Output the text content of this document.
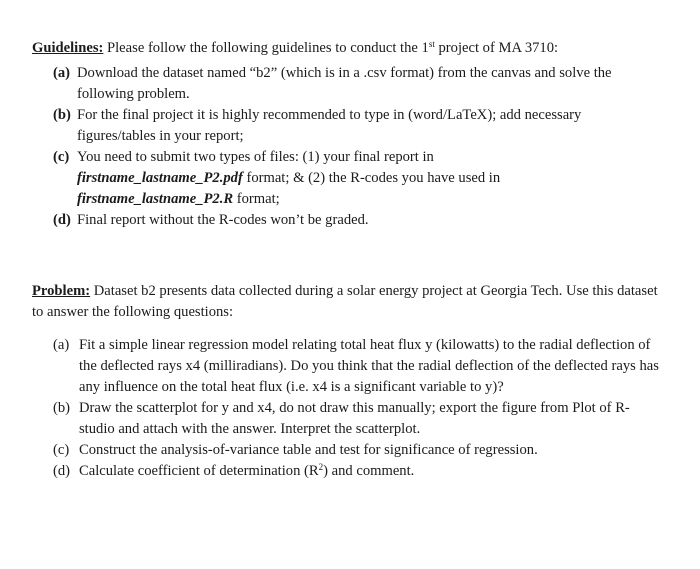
Guidelines: Please follow the following guidelines to conduct the 1st project of MA 3710:

(a) Download the dataset named “b2” (which is in a .csv format) from the canvas and solve the following problem.
(b) For the final project it is highly recommended to type in (word/LaTeX); add necessary figures/tables in your report;
(c) You need to submit two types of files: (1) your final report in
firstname_lastname_P2.pdf format; & (2) the R-codes you have used in
firstname_lastname_P2.R format;
(d) Final report without the R-codes won’t be graded.

Problem: Dataset b2 presents data collected during a solar energy project at Georgia Tech. Use this dataset to answer the following questions:

(a) Fit a simple linear regression model relating total heat flux y (kilowatts) to the radial deflection of the deflected rays x4 (milliradians). Do you think that the radial deflection of the deflected rays has any influence on the total heat flux (i.e. x4 is a significant variable to y)?
(b) Draw the scatterplot for y and x4, do not draw this manually; export the figure from Plot of R-studio and attach with the answer. Interpret the scatterplot.
(c) Construct the analysis-of-variance table and test for significance of regression.
(d) Calculate coefficient of determination $(R^2)$ and comment.
